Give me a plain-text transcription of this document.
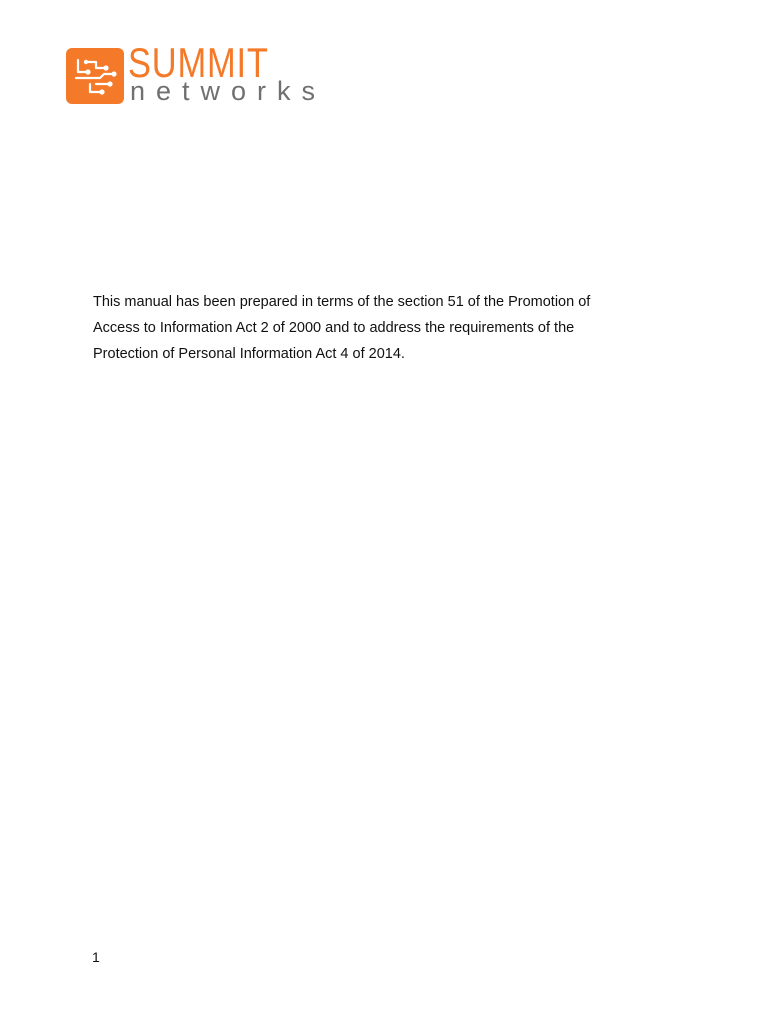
SUMMIT
networks

This manual has been prepared in terms of the section 51 of the Promotion of
Access to Information Act 2 of 2000 and to address the requirements of the
Protection of Personal Information Act 4 of 2014.

1
